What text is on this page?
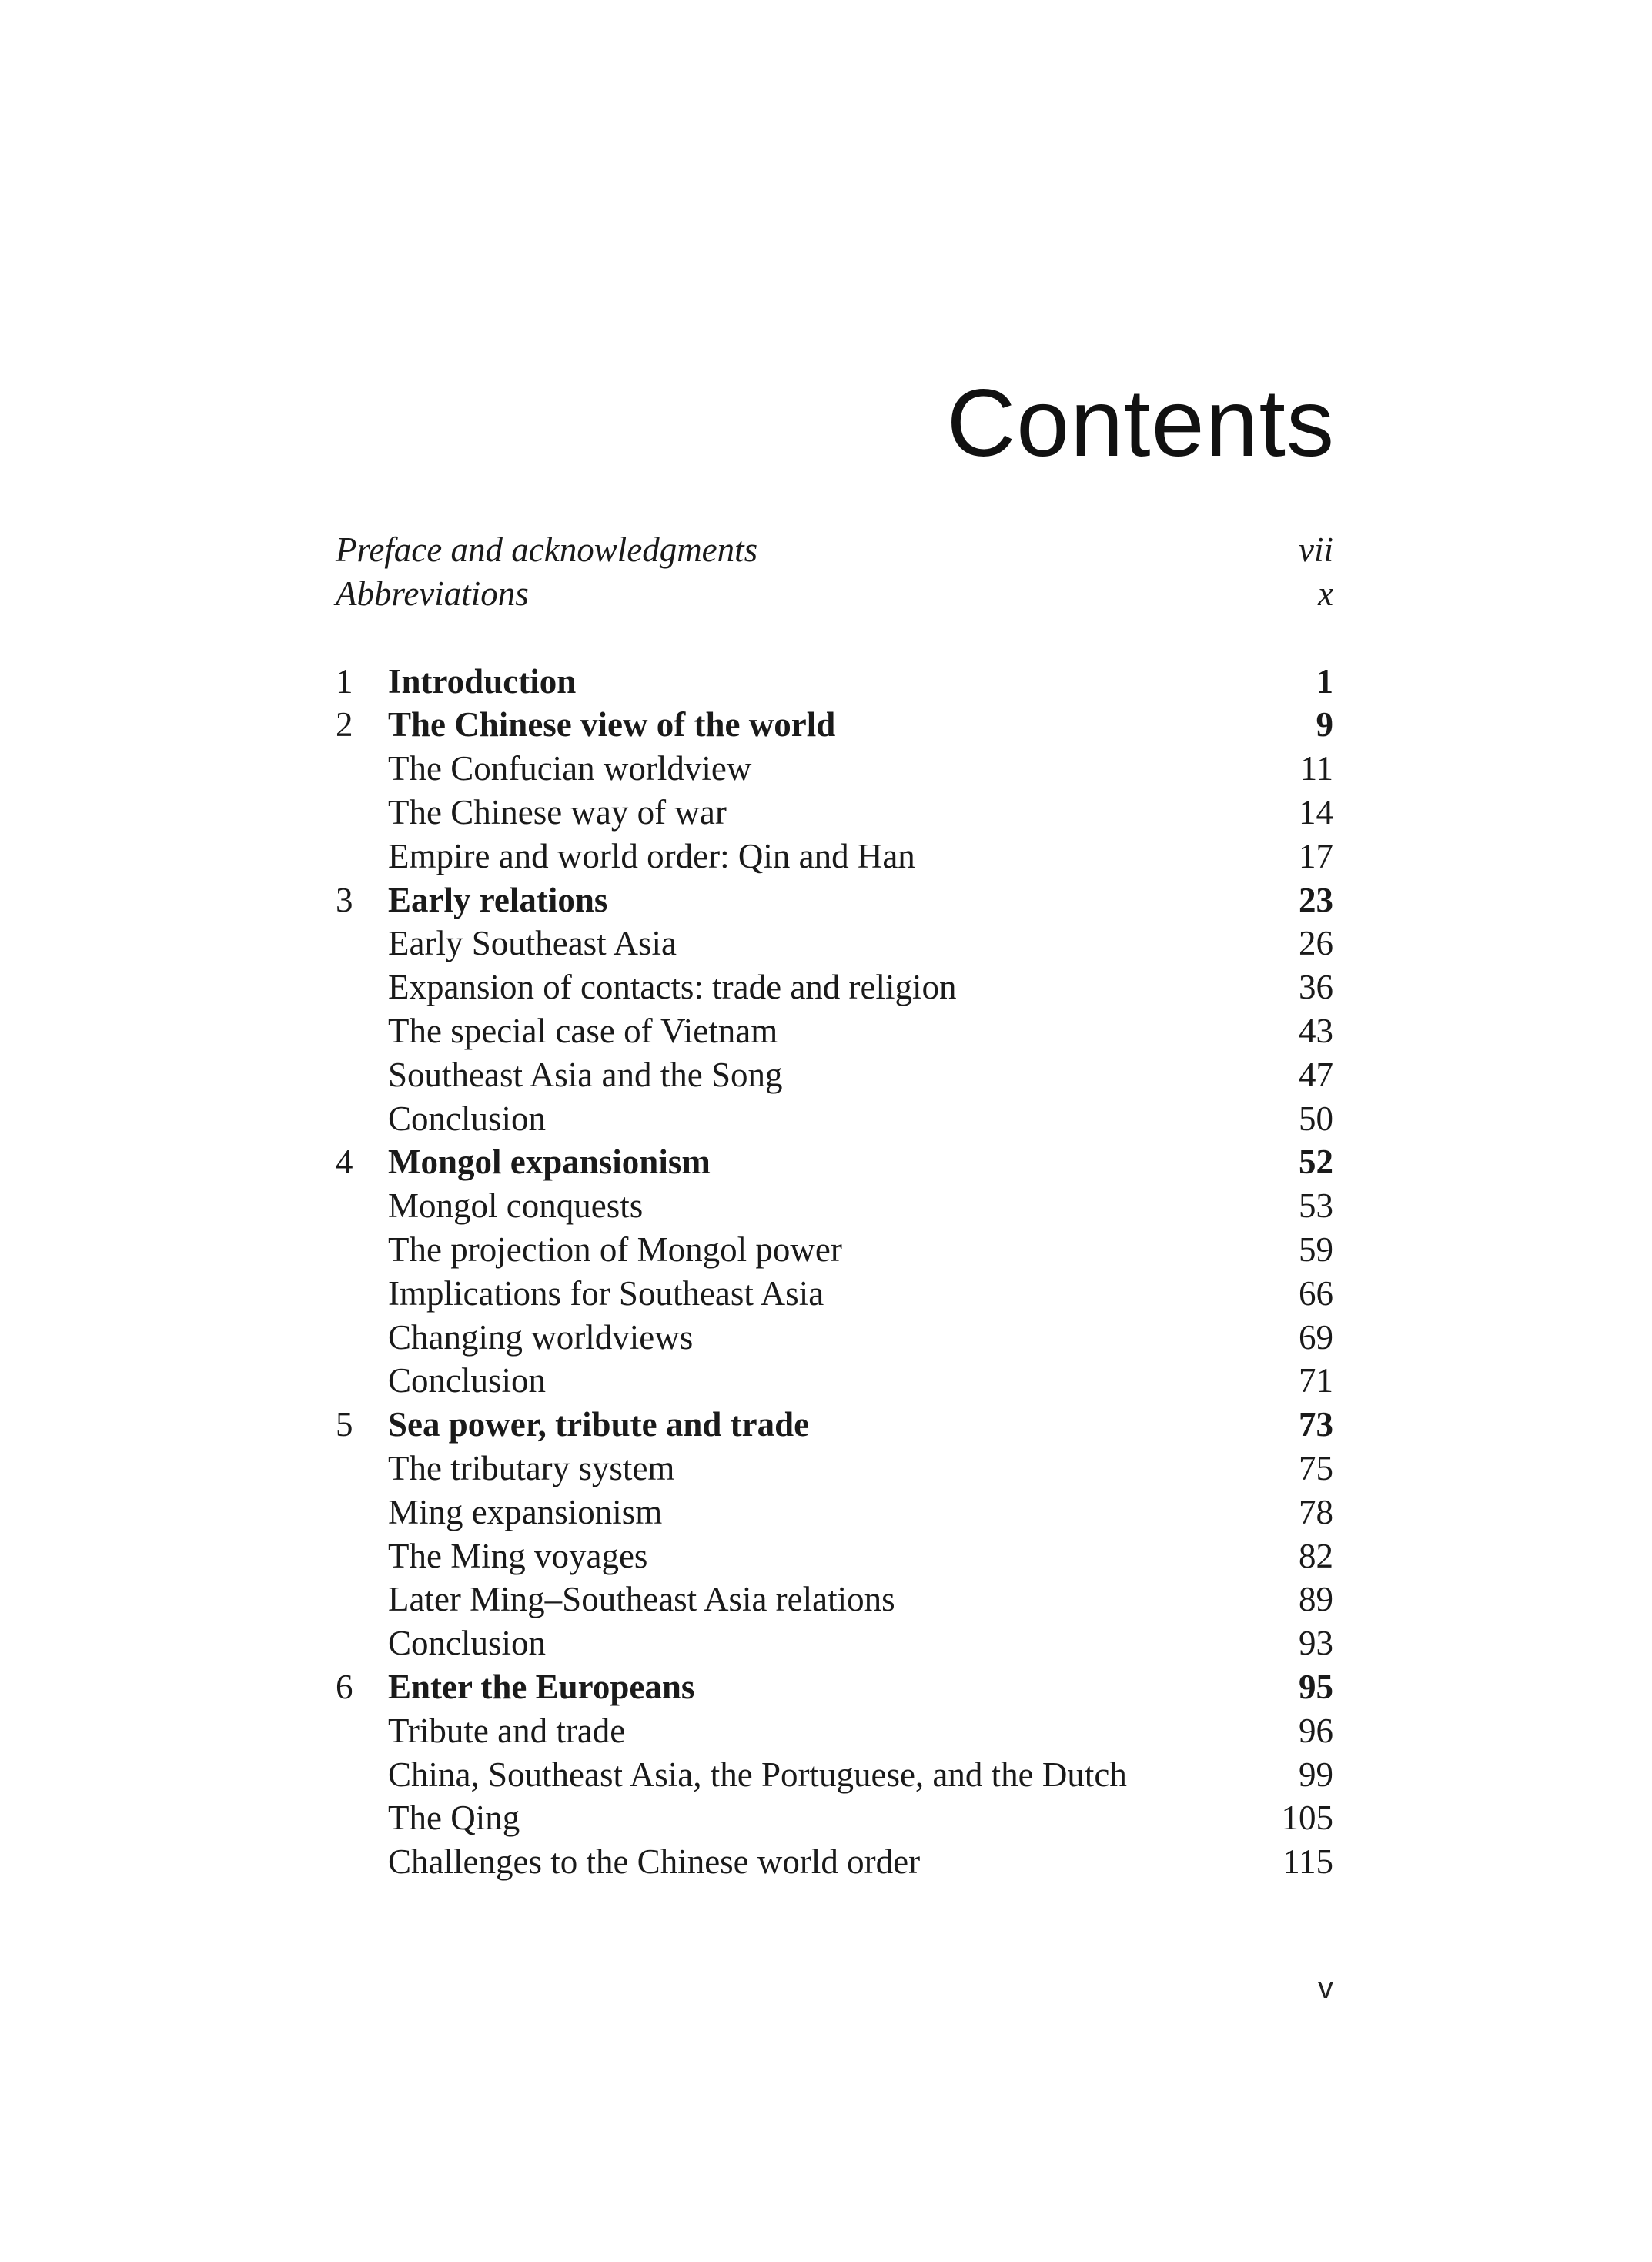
Contents
Preface and acknowledgments	vii
Abbreviations	x
1	Introduction	1
2	The Chinese view of the world	9
The Confucian worldview	11
The Chinese way of war	14
Empire and world order: Qin and Han	17
3	Early relations	23
Early Southeast Asia	26
Expansion of contacts: trade and religion	36
The special case of Vietnam	43
Southeast Asia and the Song	47
Conclusion	50
4	Mongol expansionism	52
Mongol conquests	53
The projection of Mongol power	59
Implications for Southeast Asia	66
Changing worldviews	69
Conclusion	71
5	Sea power, tribute and trade	73
The tributary system	75
Ming expansionism	78
The Ming voyages	82
Later Ming–Southeast Asia relations	89
Conclusion	93
6	Enter the Europeans	95
Tribute and trade	96
China, Southeast Asia, the Portuguese, and the Dutch	99
The Qing	105
Challenges to the Chinese world order	115
v
